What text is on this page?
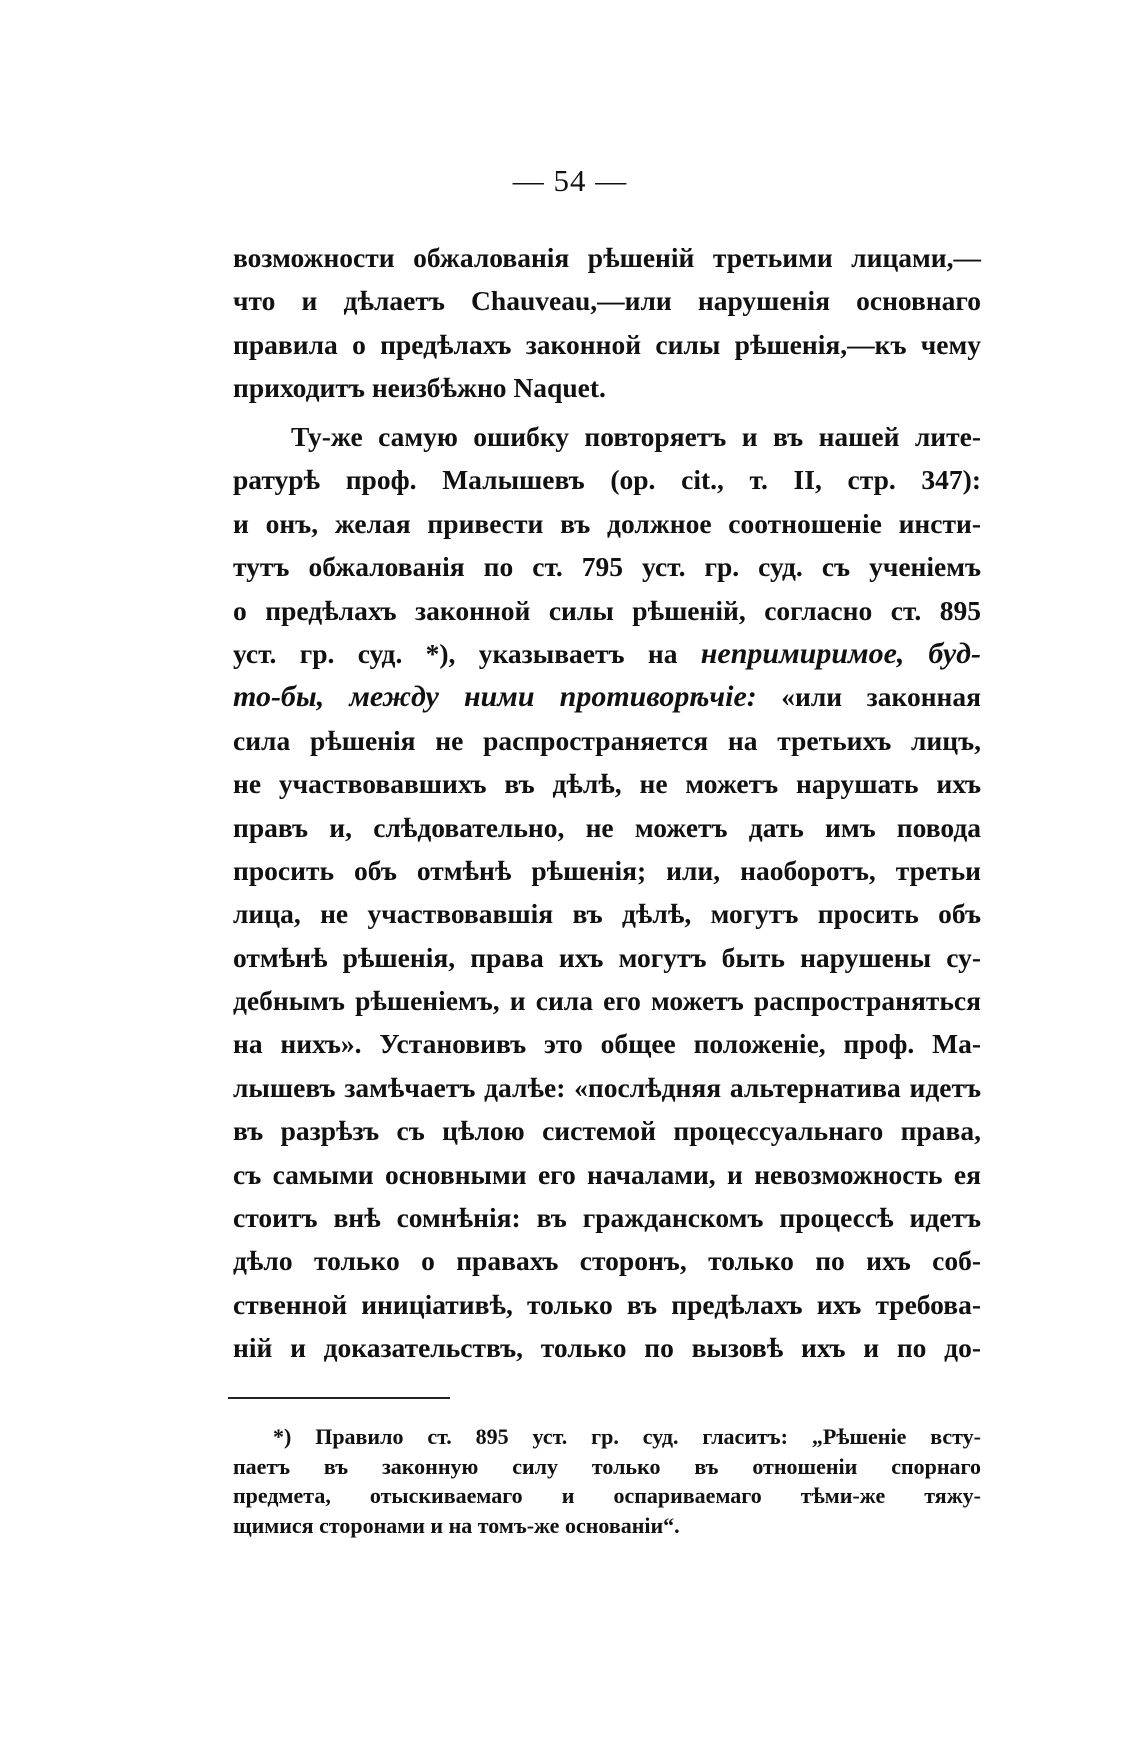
— 54 —
возможности обжалованія рѣшеній третьими лицами,—
что и дѣлаетъ Chauveau,—или нарушенія основнаго
правила о предѣлахъ законной силы рѣшенія,—къ чему
приходитъ неизбѣжно Naquet.
Ту-же самую ошибку повторяетъ и въ нашей лите-
ратурѣ проф. Малышевъ (op. cit., т. II, стр. 347):
и онъ, желая привести въ должное соотношеніе инсти-
тутъ обжалованія по ст. 795 уст. гр. суд. съ ученіемъ
о предѣлахъ законной силы рѣшеній, согласно ст. 895
уст. гр. суд. *), указываетъ на непримиримое, буд-
то-бы, между ними противорѣчіе: «или законная
сила рѣшенія не распространяется на третьихъ лицъ,
не участвовавшихъ въ дѣлѣ, не можетъ нарушать ихъ
правъ и, слѣдовательно, не можетъ дать имъ повода
просить объ отмѣнѣ рѣшенія; или, наоборотъ, третьи
лица, не участвовавшія въ дѣлѣ, могутъ просить объ
отмѣнѣ рѣшенія, права ихъ могутъ быть нарушены су-
дебнымъ рѣшеніемъ, и сила его можетъ распространяться
на нихъ». Установивъ это общее положеніе, проф. Ма-
лышевъ замѣчаетъ далѣе: «послѣдняя альтернатива идетъ
въ разрѣзъ съ цѣлою системой процессуальнаго права,
съ самыми основными его началами, и невозможность ея
стоитъ внѣ сомнѣнія: въ гражданскомъ процессѣ идетъ
дѣло только о правахъ сторонъ, только по ихъ соб-
ственной иниціативѣ, только въ предѣлахъ ихъ требова-
ній и доказательствъ, только по вызовѣ ихъ и по до-
*) Правило ст. 895 уст. гр. суд. гласитъ: „Рѣшеніе всту-
паетъ въ законную силу только въ отношеніи спорнаго
предмета, отыскиваемаго и оспариваемаго тѣми-же тяжу-
щимися сторонами и на томъ-же основаніи“.
